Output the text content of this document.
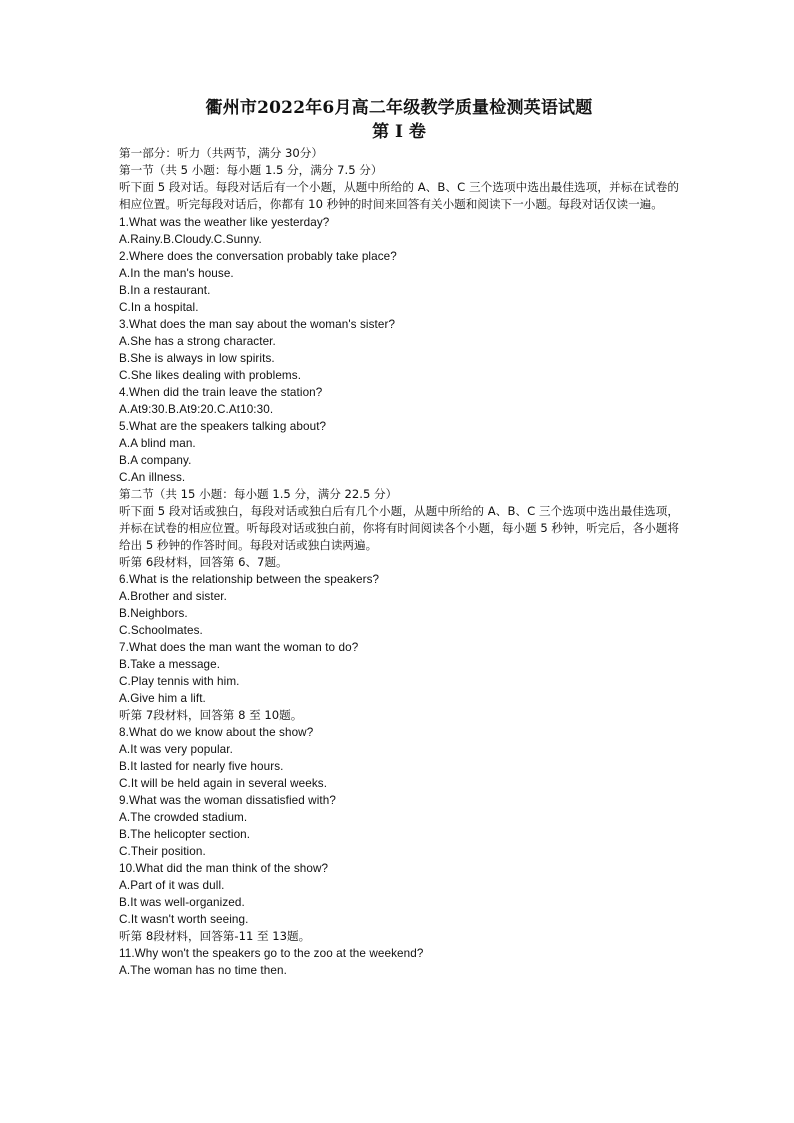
衢州市2022年6月高二年级教学质量检测英语试题

第 I 卷

第一部分：听力（共两节，满分 30分）

第一节（共 5 小题：每小题 1.5 分，满分 7.5 分）

听下面 5 段对话。每段对话后有一个小题，从题中所给的 A、B、C 三个选项中选出最佳选项，并标在试卷的相应位置。听完每段对话后，你都有 10 秒钟的时间来回答有关小题和阅读下一小题。每段对话仅读一遍。

1.What was the weather like yesterday?

A.Rainy.B.Cloudy.C.Sunny.

2.Where does the conversation probably take place?

A.In the man's house.

B.In a restaurant.

C.In a hospital.

3.What does the man say about the woman's sister?

A.She has a strong character.

B.She is always in low spirits.

C.She likes dealing with problems.

4.When did the train leave the station?

A.At9:30.B.At9:20.C.At10:30.

5.What are the speakers talking about?

A.A blind man.

B.A company.

C.An illness.

第二节（共 15 小题：每小题 1.5 分，满分 22.5 分）

听下面 5 段对话或独白，每段对话或独白后有几个小题，从题中所给的 A、B、C 三个选项中选出最佳选项，并标在试卷的相应位置。听每段对话或独白前，你将有时间阅读各个小题，每小题 5 秒钟，听完后，各小题将给出 5 秒钟的作答时间。每段对话或独白读两遍。

听第 6段材料，回答第 6、7题。

6.What is the relationship between the speakers?

A.Brother and sister.

B.Neighbors.

C.Schoolmates.

7.What does the man want the woman to do?

B.Take a message.

C.Play tennis with him.

A.Give him a lift.

听第 7段材料，回答第 8 至 10题。

8.What do we know about the show?

A.It was very popular.

B.It lasted for nearly five hours.

C.It will be held again in several weeks.

9.What was the woman dissatisfied with?

A.The crowded stadium.

B.The helicopter section.

C.Their position.

10.What did the man think of the show?

A.Part of it was dull.

B.It was well-organized.

C.It wasn't worth seeing.

听第 8段材料，回答第-11 至 13题。

11.Why won't the speakers go to the zoo at the weekend?

A.The woman has no time then.
